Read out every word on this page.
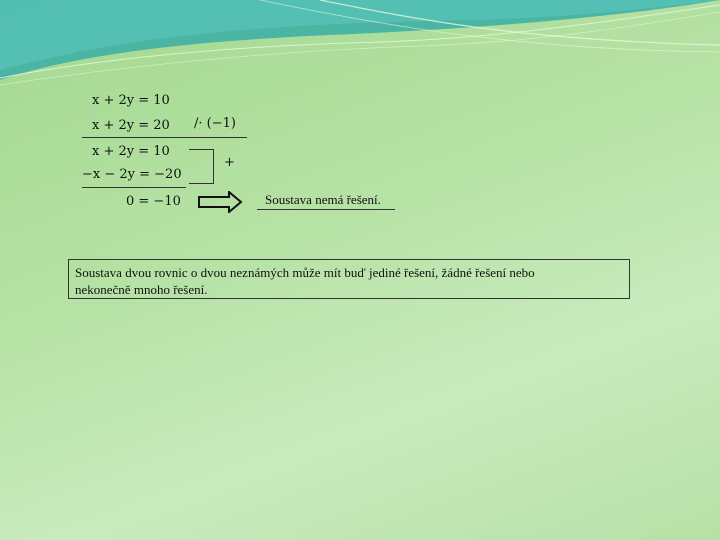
x + 2y = 10
x + 2y = 20 /· (−1)
x + 2y = 10
−x − 2y = −20
+
0 = −10	Soustava nemá řešení.
Soustava dvou rovnic o dvou neznámých může mít buď jediné řešení, žádné řešení nebo
nekonečně mnoho řešení.
